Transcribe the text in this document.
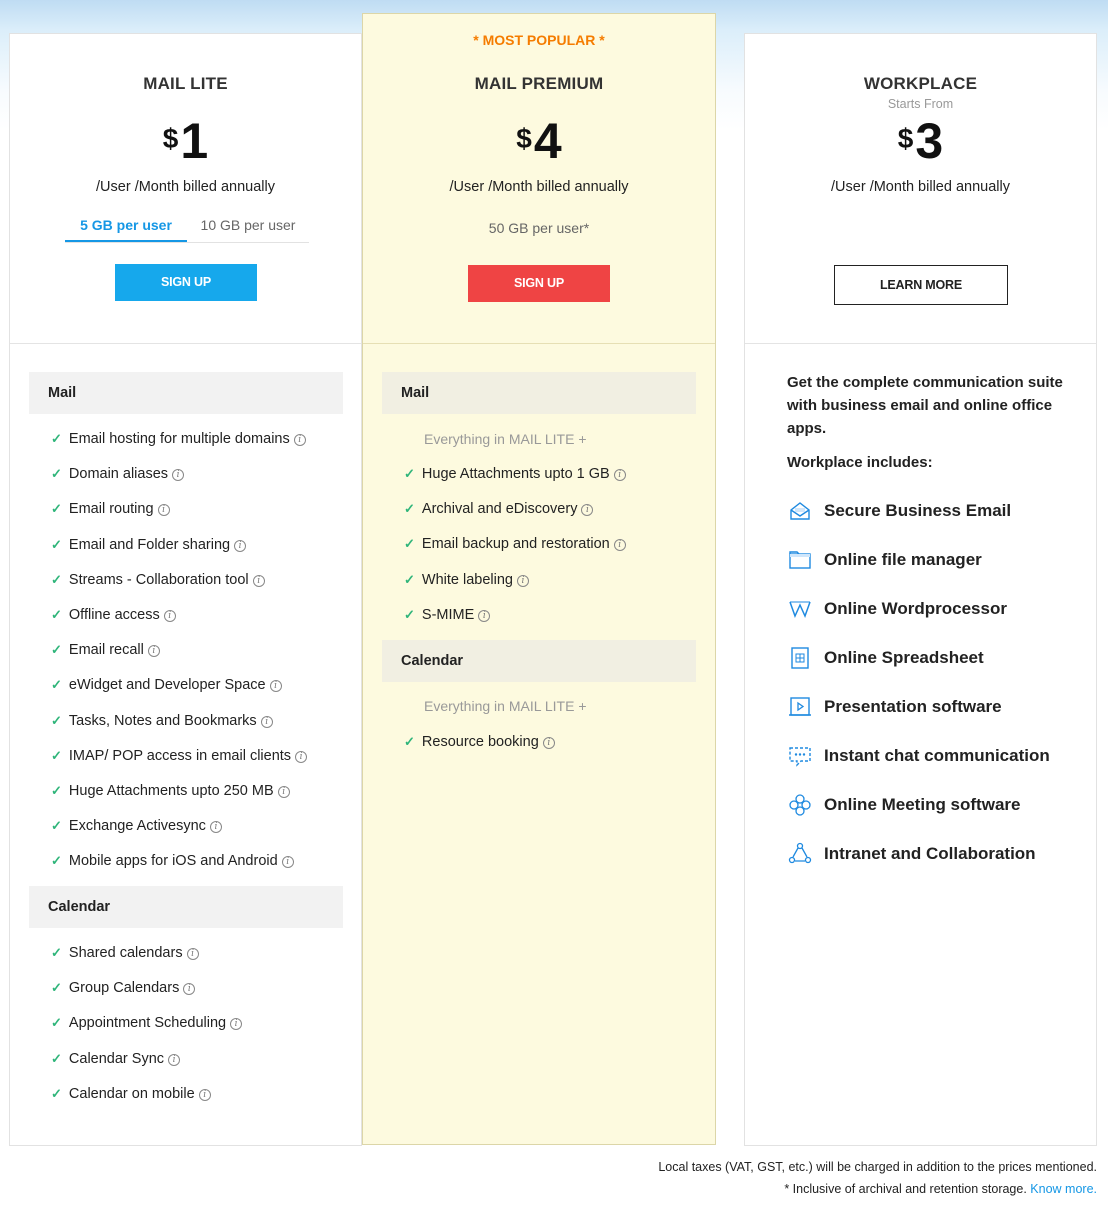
MAIL LITE
$1
/User /Month billed annually
5 GB per user	10 GB per user
SIGN UP
Mail
✓ Email hosting for multiple domains i
✓ Domain aliases i
✓ Email routing i
✓ Email and Folder sharing i
✓ Streams - Collaboration tool i
✓ Offline access i
✓ Email recall i
✓ eWidget and Developer Space i
✓ Tasks, Notes and Bookmarks i
✓ IMAP/ POP access in email clients i
✓ Huge Attachments upto 250 MB i
✓ Exchange Activesync i
✓ Mobile apps for iOS and Android i
Calendar
✓ Shared calendars i
✓ Group Calendars i
✓ Appointment Scheduling i
✓ Calendar Sync i
✓ Calendar on mobile i
* MOST POPULAR *
MAIL PREMIUM
$4
/User /Month billed annually
50 GB per user*
SIGN UP
Mail
Everything in MAIL LITE +
✓ Huge Attachments upto 1 GB i
✓ Archival and eDiscovery i
✓ Email backup and restoration i
✓ White labeling i
✓ S-MIME i
Calendar
Everything in MAIL LITE +
✓ Resource booking i
WORKPLACE
Starts From
$3
/User /Month billed annually
LEARN MORE
Get the complete communication suite with business email and online office apps.
Workplace includes:
Secure Business Email
Online file manager
Online Wordprocessor
Online Spreadsheet
Presentation software
Instant chat communication
Online Meeting software
Intranet and Collaboration
Local taxes (VAT, GST, etc.) will be charged in addition to the prices mentioned.
* Inclusive of archival and retention storage. Know more.
